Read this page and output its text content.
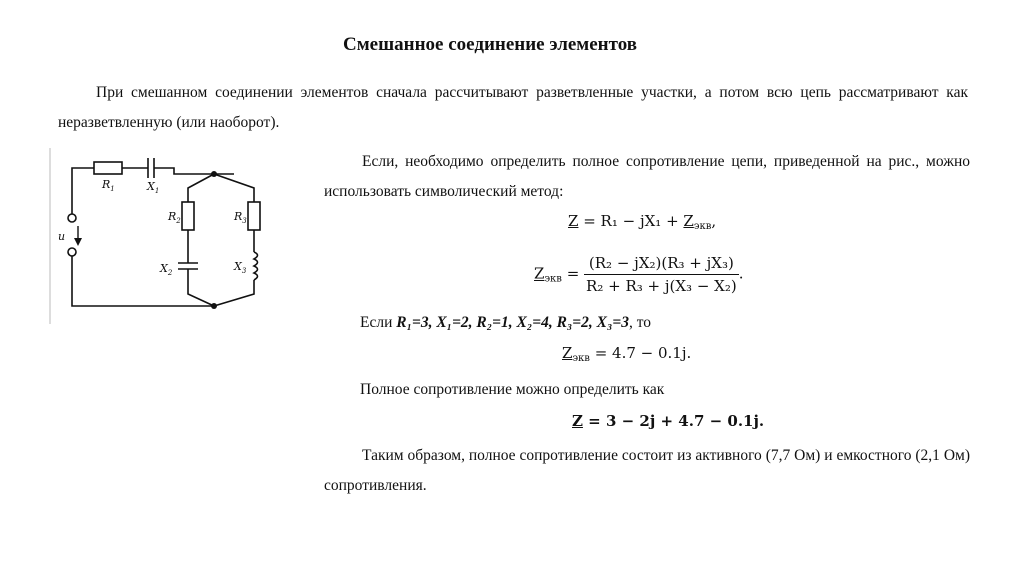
Смешанное соединение элементов
При смешанном соединении элементов сначала рассчитывают разветвленные участки, а потом всю цепь рассматривают как неразветвленную (или наоборот).
$R_1$	$X_1$
$R_2$	$R_3$
$X_2$	$X_3$
u
Если, необходимо определить полное сопротивление цепи, приведенной на рис., можно использовать символический метод:
$Z = R_1 - jX_1 + Z_{экв}$,
$Z_{экв} = \frac{\text{(R₂ − jX₂)(R₃ + jX₃)}}{\text{R₂ + R₃ + j(X₃ − X₂)}}$ .
Если R₁=3, X₁=2, R₂=1, X₂=4, R₃=2, X₃=3, то
$Z_{экв} = 4.7 - 0.1j$.
Полное сопротивление можно определить как
Z = 3 − 2j + 4.7 − 0.1j.
Таким образом, полное сопротивление состоит из активного (7,7 Ом) и емкостного (2,1 Ом) сопротивления.
